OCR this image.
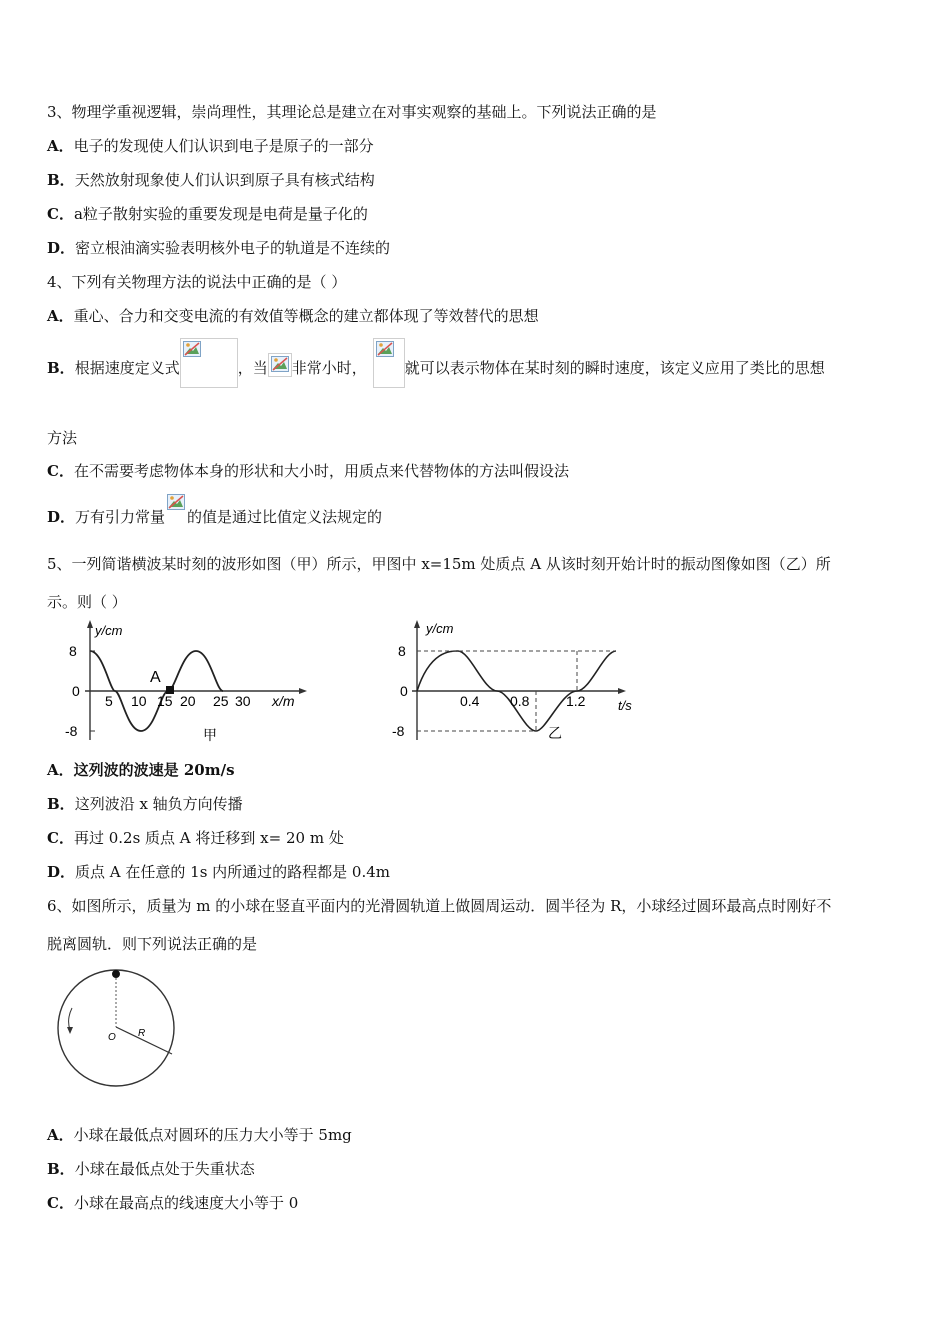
3、物理学重视逻辑，崇尚理性，其理论总是建立在对事实观察的基础上。下列说法正确的是
A．电子的发现使人们认识到电子是原子的一部分
B．天然放射现象使人们认识到原子具有核式结构
C．a粒子散射实验的重要发现是电荷是量子化的
D．密立根油滴实验表明核外电子的轨道是不连续的
4、下列有关物理方法的说法中正确的是（ ）
A．重心、合力和交变电流的有效值等概念的建立都体现了等效替代的思想
B．根据速度定义式	，当 非常小时，	就可以表示物体在某时刻的瞬时速度，该定义应用了类比的思想
方法
C．在不需要考虑物体本身的形状和大小时，用质点来代替物体的方法叫假设法
D．万有引力常量 的值是通过比值定义法规定的
5、一列简谐横波某时刻的波形如图（甲）所示，甲图中 x=15m 处质点 A 从该时刻开始计时的振动图像如图（乙）所
示。则（ ）
y/cm
8
0
-8
5 10 15 20 25 30 x/m
A
甲
y/cm
8
0
-8
0.4 0.8	1.2	t/s
乙
A．这列波的波速是 20m/s
B．这列波沿 x 轴负方向传播
C．再过 0.2s 质点 A 将迁移到 x= 20 m 处
D．质点 A 在任意的 1s 内所通过的路程都是 0.4m
6、如图所示，质量为 m 的小球在竖直平面内的光滑圆轨道上做圆周运动．圆半径为 R，小球经过圆环最高点时刚好不
脱离圆轨．则下列说法正确的是
O R
A．小球在最低点对圆环的压力大小等于 5mg
B．小球在最低点处于失重状态
C．小球在最高点的线速度大小等于 0
